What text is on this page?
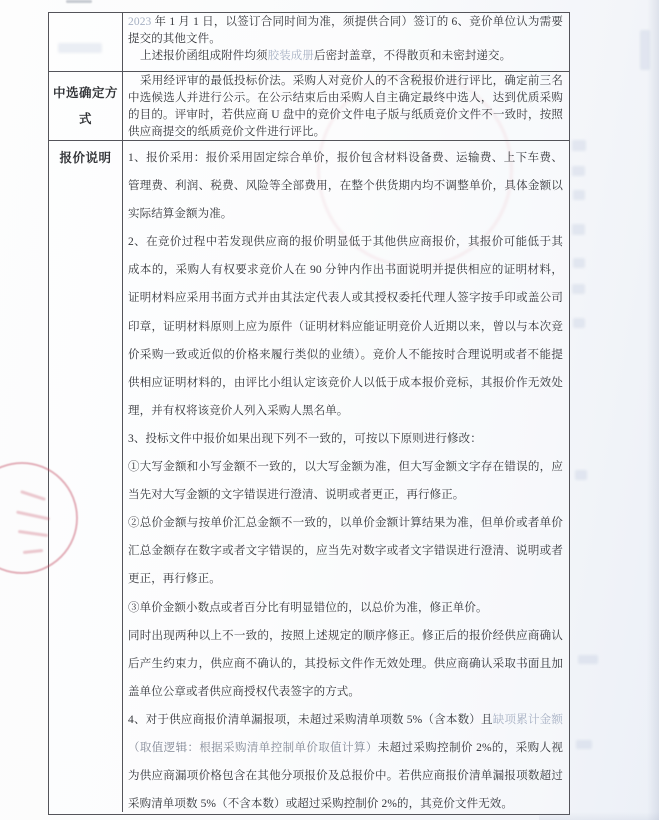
2023 年 1 月 1 日，以签订合同时间为准，须提供合同）签订的 6、竞价单位认为需要提交的其他文件。

上述报价函组成附件均须胶装成册后密封盖章，不得散页和未密封递交。

中选确定方式

采用经评审的最低投标价法。采购人对竞价人的不含税报价进行评比，确定前三名中选候选人并进行公示。在公示结束后由采购人自主确定最终中选人，达到优质采购的目的。评审时，若供应商 U 盘中的竞价文件电子版与纸质竞价文件不一致时，按照供应商提交的纸质竞价文件进行评比。

报价说明 1、报价采用：报价采用固定综合单价，报价包含材料设备费、运输费、上下车费、管理费、利润、税费、风险等全部费用，在整个供货期内均不调整单价，具体金额以实际结算金额为准。

2、在竞价过程中若发现供应商的报价明显低于其他供应商报价，其报价可能低于其成本的，采购人有权要求竞价人在 90 分钟内作出书面说明并提供相应的证明材料，证明材料应采用书面方式并由其法定代表人或其授权委托代理人签字按手印或盖公司印章，证明材料原则上应为原件（证明材料应能证明竞价人近期以来，曾以与本次竞价采购一致或近似的价格来履行类似的业绩）。竞价人不能按时合理说明或者不能提供相应证明材料的，由评比小组认定该竞价人以低于成本报价竞标，其报价作无效处理，并有权将该竞价人列入采购人黑名单。

3、投标文件中报价如果出现下列不一致的，可按以下原则进行修改：

①大写金额和小写金额不一致的，以大写金额为准，但大写金额文字存在错误的，应当先对大写金额的文字错误进行澄清、说明或者更正，再行修正。

②总价金额与按单价汇总金额不一致的，以单价金额计算结果为准，但单价或者单价汇总金额存在数字或者文字错误的，应当先对数字或者文字错误进行澄清、说明或者更正，再行修正。

③单价金额小数点或者百分比有明显错位的，以总价为准，修正单价。

同时出现两种以上不一致的，按照上述规定的顺序修正。修正后的报价经供应商确认后产生约束力，供应商不确认的，其投标文件作无效处理。供应商确认采取书面且加盖单位公章或者供应商授权代表签字的方式。

4、对于供应商报价清单漏报项，未超过采购清单项数 5%（含本数）且缺项累计金额（取值逻辑：根据采购清单控制单价取值计算）未超过采购控制价 2%的，采购人视为供应商漏项价格包含在其他分项报价及总报价中。若供应商报价清单漏报项数超过采购清单项数 5%（不含本数）或超过采购控制价 2%的，其竞价文件无效。
